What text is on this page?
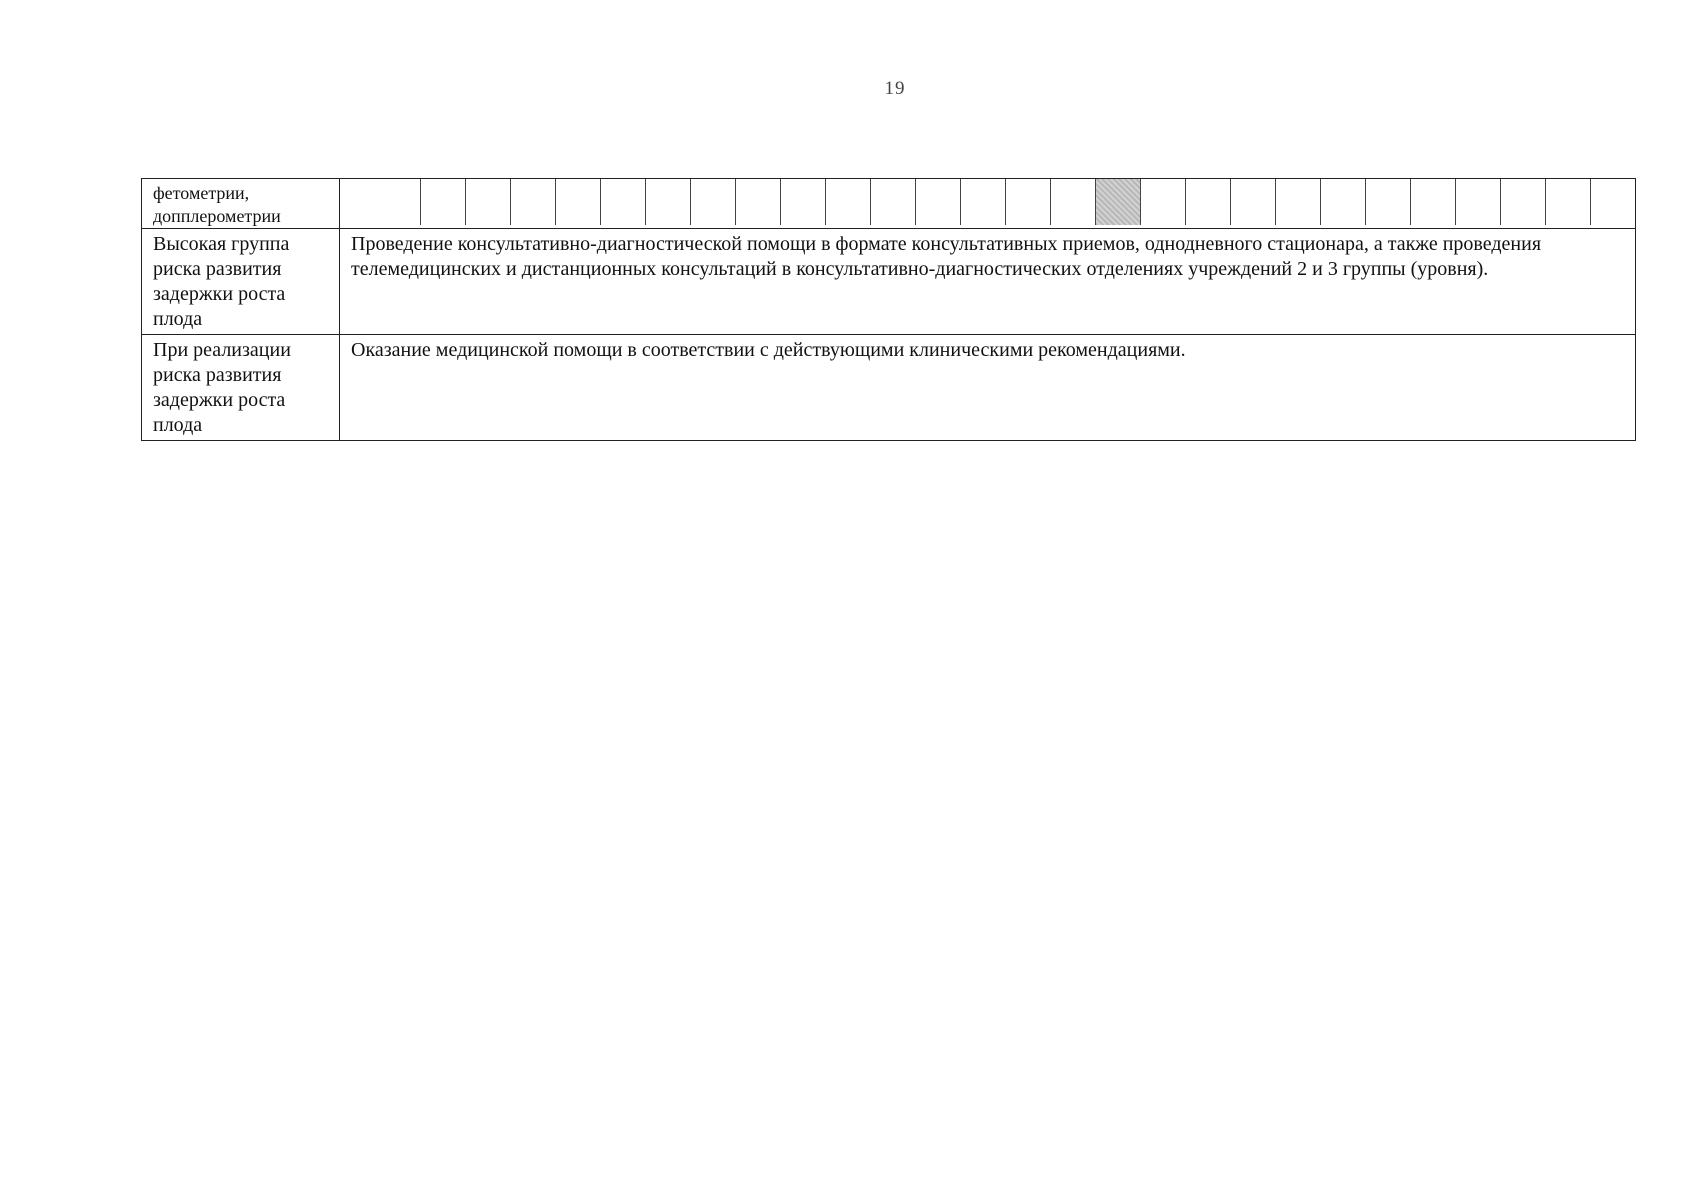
19
фетометрии, допплерометрии	

Высокая группа риска развития задержки роста плода	Проведение консультативно-диагностической помощи в формате консультативных приемов, однодневного стационара, а также проведения телемедицинских и дистанционных консультаций в консультативно-диагностических отделениях учреждений 2 и 3 группы (уровня).
При реализации риска развития задержки роста плода	Оказание медицинской помощи в соответствии с действующими клиническими рекомендациями.
